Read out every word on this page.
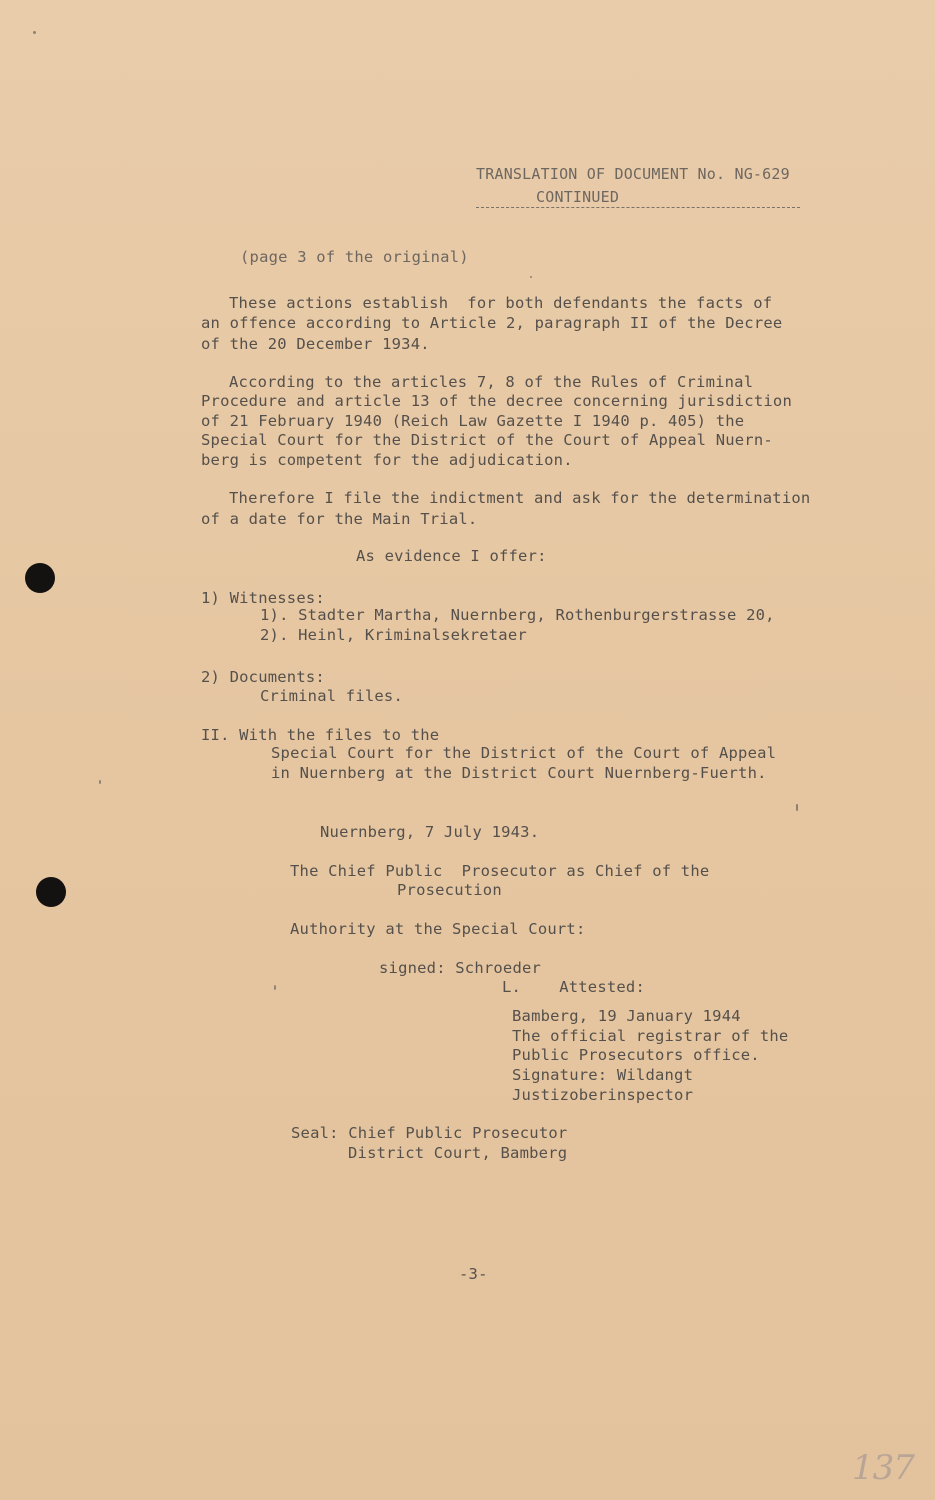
TRANSLATION OF DOCUMENT No. NG-629
CONTINUED
(page 3 of the original)
These actions establish  for both defendants the facts of
an offence according to Article 2, paragraph II of the Decree
of the 20 December 1934.
According to the articles 7, 8 of the Rules of Criminal
Procedure and article 13 of the decree concerning jurisdiction
of 21 February 1940 (Reich Law Gazette I 1940 p. 405) the
Special Court for the District of the Court of Appeal Nuern-
berg is competent for the adjudication.
Therefore I file the indictment and ask for the determination
of a date for the Main Trial.
As evidence I offer:
1) Witnesses:
1). Stadter Martha, Nuernberg, Rothenburgerstrasse 20,
2). Heinl, Kriminalsekretaer
2) Documents:
Criminal files.
II. With the files to the
Special Court for the District of the Court of Appeal
in Nuernberg at the District Court Nuernberg-Fuerth.
Nuernberg, 7 July 1943.
The Chief Public  Prosecutor as Chief of the
Prosecution
Authority at the Special Court:
signed: Schroeder
L.    Attested:
Bamberg, 19 January 1944
The official registrar of the
Public Prosecutors office.
Signature: Wildangt
Justizoberinspector
Seal: Chief Public Prosecutor
District Court, Bamberg
-3-
137
